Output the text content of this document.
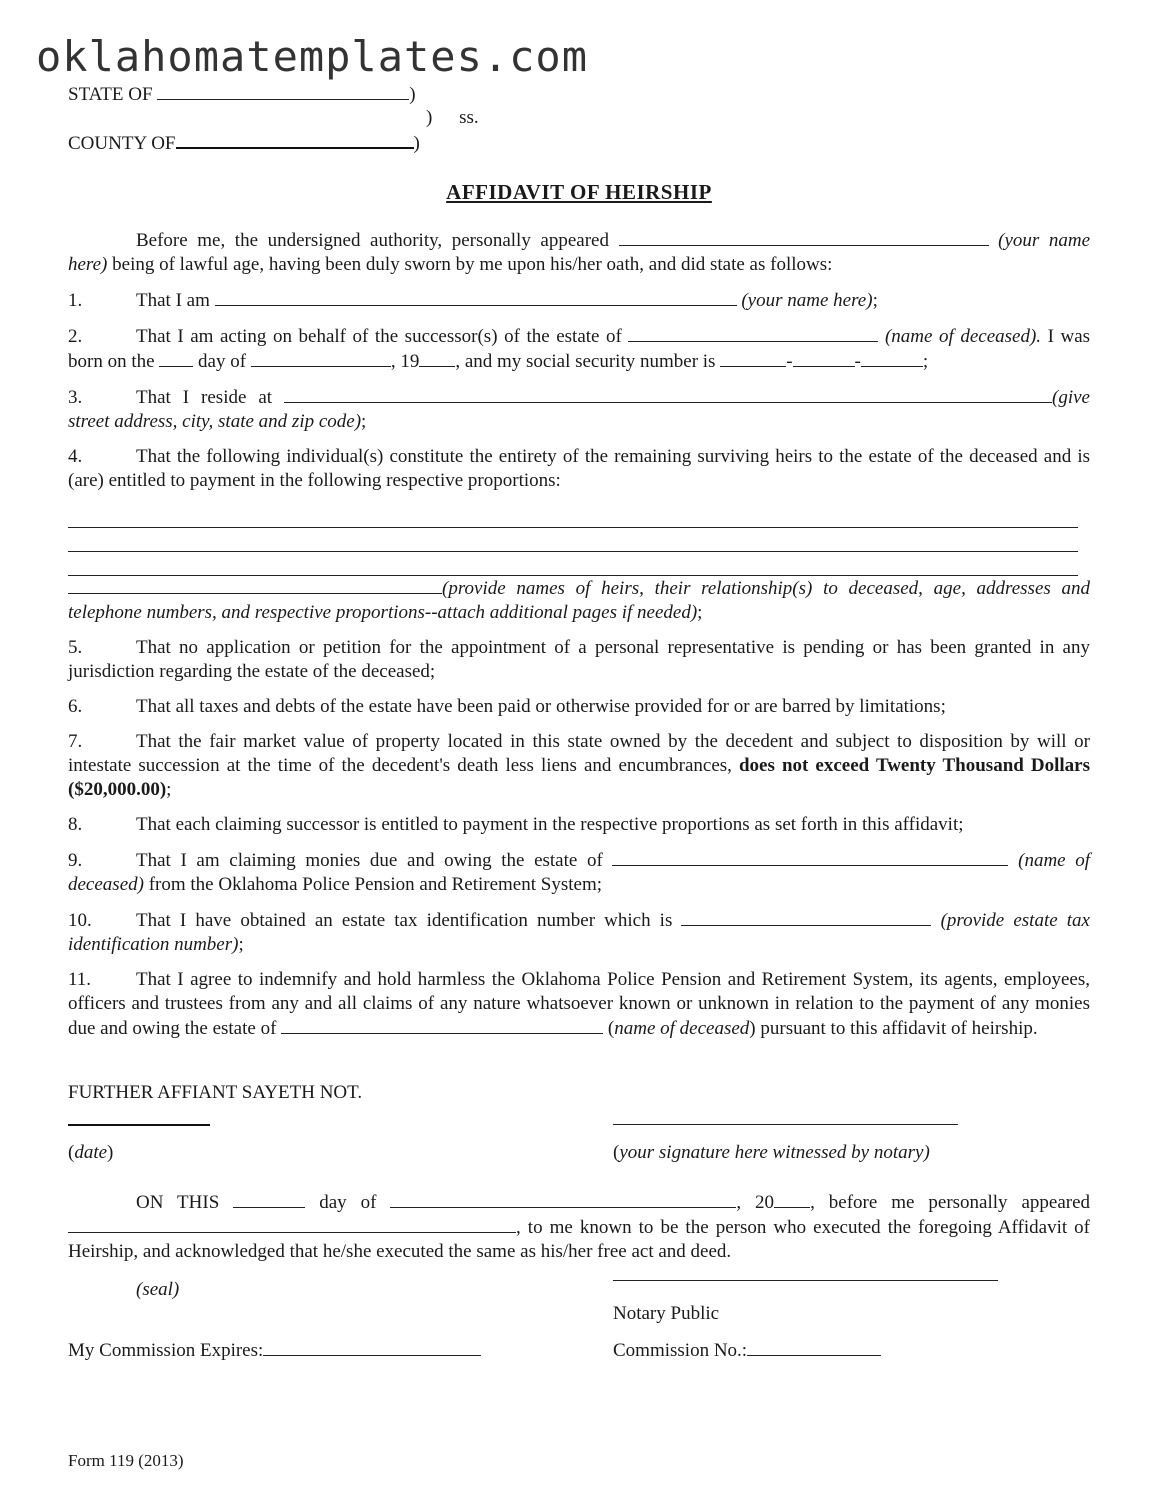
oklahomatemplates.com
STATE OF	)
) ss.
COUNTY OF	)
AFFIDAVIT OF HEIRSHIP

Before me, the undersigned authority, personally appeared	(your name here) being of lawful age, having been duly sworn by me upon his/her oath, and did state as follows:

1.	That I am	(your name here);

2.	That I am acting on behalf of the successor(s) of the estate of	(name of deceased). I was born on the day of	, 19 , and my social security number is	-	-	;

3.	That I reside at	(give street address, city, state and zip code);

4.	That the following individual(s) constitute the entirety of the remaining surviving heirs to the estate of the deceased and is (are) entitled to payment in the following respective proportions:

(provide names of heirs, their relationship(s) to deceased, age, addresses and telephone numbers, and respective proportions--attach additional pages if needed);

5.	That no application or petition for the appointment of a personal representative is pending or has been granted in any jurisdiction regarding the estate of the deceased;

6.	That all taxes and debts of the estate have been paid or otherwise provided for or are barred by limitations;

7.	That the fair market value of property located in this state owned by the decedent and subject to disposition by will or intestate succession at the time of the decedent's death less liens and encumbrances, does not exceed Twenty Thousand Dollars ($20,000.00);

8.	That each claiming successor is entitled to payment in the respective proportions as set forth in this affidavit;

9.	That I am claiming monies due and owing the estate of	(name of deceased) from the Oklahoma Police Pension and Retirement System;

10. That I have obtained an estate tax identification number which is	(provide estate tax identification number);

11. That I agree to indemnify and hold harmless the Oklahoma Police Pension and Retirement System, its agents, employees, officers and trustees from any and all claims of any nature whatsoever known or unknown in relation to the payment of any monies due and owing the estate of	(name of deceased) pursuant to this affidavit of heirship.

FURTHER AFFIANT SAYETH NOT.
(date)	(your signature here witnessed by notary)

ON THIS	day of	, 20 , before me personally appeared , to me known to be the person who executed the foregoing Affidavit of Heirship, and acknowledged that he/she executed the same as his/her free act and deed.

(seal)
Notary Public
My Commission Expires:	Commission No.:
Form 119 (2013)
